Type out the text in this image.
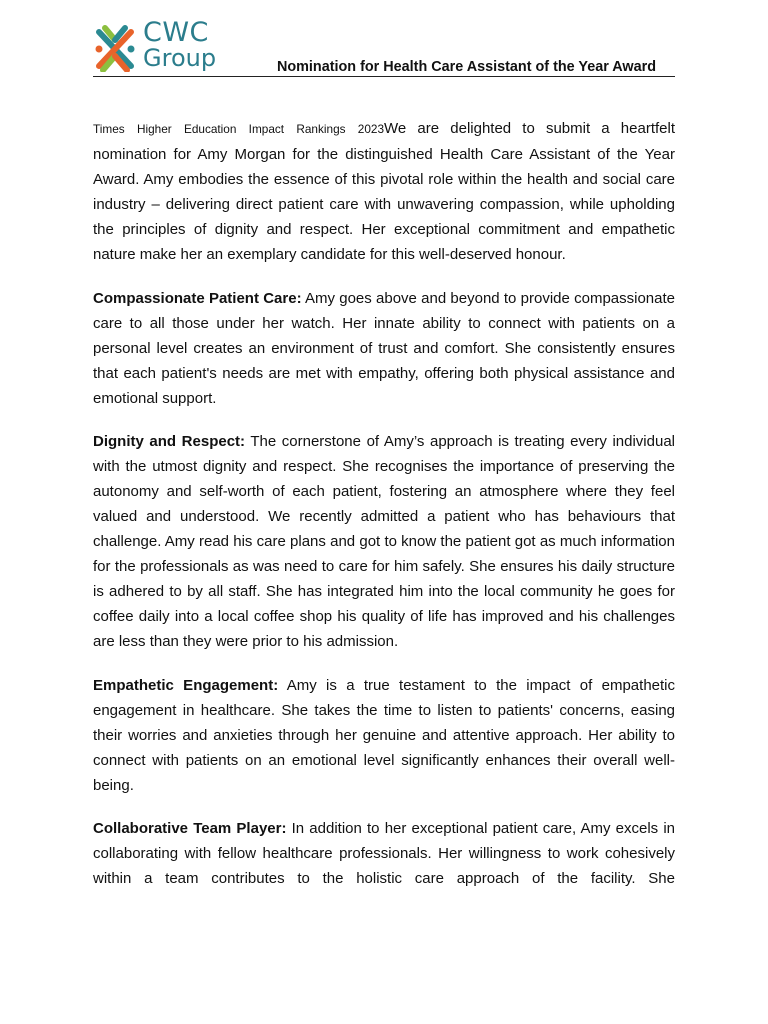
CWC
Group	Nomination for Health Care Assistant of the Year Award

Times Higher Education Impact Rankings 2023We are delighted to submit a heartfelt nomination for Amy Morgan for the distinguished Health Care Assistant of the Year Award. Amy embodies the essence of this pivotal role within the health and social care industry – delivering direct patient care with unwavering compassion, while upholding the principles of dignity and respect. Her exceptional commitment and empathetic nature make her an exemplary candidate for this well-deserved honour.

Compassionate Patient Care: Amy goes above and beyond to provide compassionate care to all those under her watch. Her innate ability to connect with patients on a personal level creates an environment of trust and comfort. She consistently ensures that each patient's needs are met with empathy, offering both physical assistance and emotional support.

Dignity and Respect: The cornerstone of Amy’s approach is treating every individual with the utmost dignity and respect. She recognises the importance of preserving the autonomy and self-worth of each patient, fostering an atmosphere where they feel valued and understood. We recently admitted a patient who has behaviours that challenge. Amy read his care plans and got to know the patient got as much information for the professionals as was need to care for him safely. She ensures his daily structure is adhered to by all staff. She has integrated him into the local community he goes for coffee daily into a local coffee shop his quality of life has improved and his challenges are less than they were prior to his admission.

Empathetic Engagement: Amy is a true testament to the impact of empathetic engagement in healthcare. She takes the time to listen to patients' concerns, easing their worries and anxieties through her genuine and attentive approach. Her ability to connect with patients on an emotional level significantly enhances their overall well-being.

Collaborative Team Player: In addition to her exceptional patient care, Amy excels in collaborating with fellow healthcare professionals. Her willingness to work cohesively within a team contributes to the holistic care approach of the facility. She
